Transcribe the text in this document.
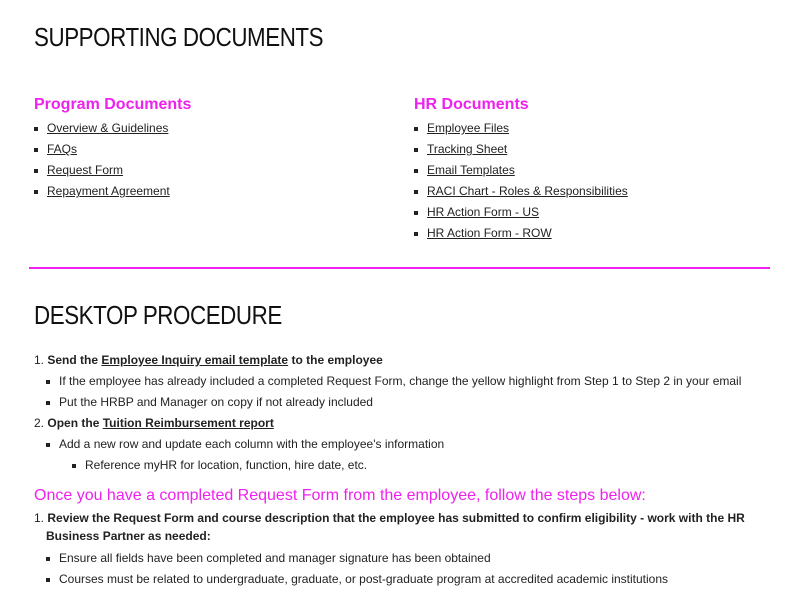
SUPPORTING DOCUMENTS
Program Documents
Overview & Guidelines
FAQs
Request Form
Repayment Agreement
HR Documents
Employee Files
Tracking Sheet
Email Templates
RACI Chart - Roles & Responsibilities
HR Action Form - US
HR Action Form - ROW
DESKTOP PROCEDURE
1. Send the Employee Inquiry email template to the employee
If the employee has already included a completed Request Form, change the yellow highlight from Step 1 to Step 2 in your email
Put the HRBP and Manager on copy if not already included
2. Open the Tuition Reimbursement report
Add a new row and update each column with the employee's information
Reference myHR for location, function, hire date, etc.
Once you have a completed Request Form from the employee, follow the steps below:
1. Review the Request Form and course description that the employee has submitted to confirm eligibility - work with the HR
Business Partner as needed:
Ensure all fields have been completed and manager signature has been obtained
Courses must be related to undergraduate, graduate, or post-graduate program at accredited academic institutions
